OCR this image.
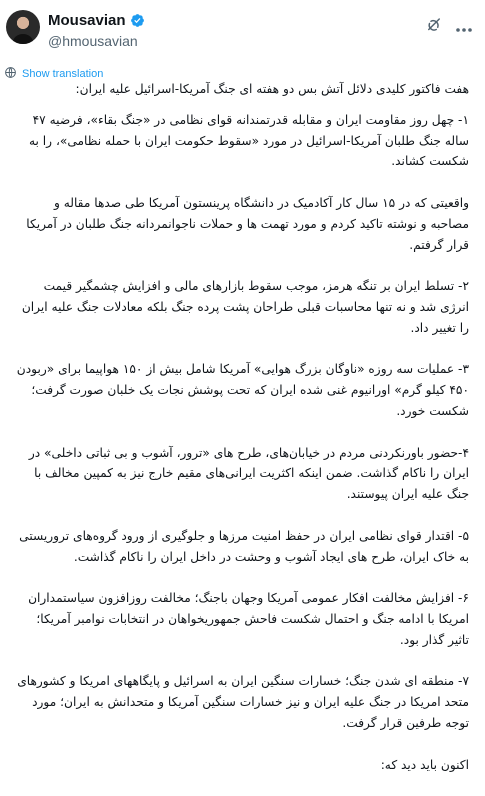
Mousavian
@hmousavian
Show translation

هفت فاکتور کلیدی دلائل آتش بس دو هفته ای جنگ آمریکا-اسرائیل علیه ایران:

۱- چهل روز مقاومت ایران و مقابله قدرتمندانه قوای نظامی در «جنگ بقاء»، فرضیه ۴۷ ساله جنگ طلبان آمریکا-اسرائیل در مورد «سقوط حکومت ایران با حمله نظامی»، را به شکست کشاند.

واقعیتی که در ۱۵ سال کار آکادمیک در دانشگاه پرینستون آمریکا طی صدها مقاله و مصاحبه و نوشته تاکید کردم و مورد تهمت ها و حملات ناجوانمردانه جنگ طلبان در آمریکا قرار گرفتم.

۲- تسلط ایران بر تنگه هرمز، موجب سقوط بازارهای مالی و افزایش چشمگیر قیمت انرژی شد و نه تنها محاسبات قبلی طراحان پشت پرده جنگ بلکه معادلات جنگ علیه ایران را تغییر داد.

۳- عملیات سه روزه «ناوگان بزرگ هوایی» آمریکا شامل بیش از ۱۵۰ هواپیما برای «ربودن ۴۵۰ کیلو گرم» اورانیوم غنی شده ایران که تحت پوشش نجات یک خلبان صورت گرفت؛ شکست خورد.

۴-حضور باورنکردنی مردم در خیابان‌های، طرح های «ترور، آشوب و بی ثباتی داخلی» در ایران را ناکام گذاشت. ضمن اینکه اکثریت ایرانی‌های مقیم خارج نیز به کمپین مخالف با جنگ علیه ایران پیوستند.

۵- اقتدار قوای نظامی ایران در حفظ امنیت مرزها و جلوگیری از ورود گروه‌های تروریستی به خاک ایران، طرح های ایجاد آشوب و وحشت در داخل ایران را ناکام گذاشت.

۶- افزایش مخالفت افکار عمومی آمریکا وجهان باجنگ؛ مخالفت روزافزون سیاستمداران امریکا با ادامه جنگ و احتمال شکست فاحش جمهوریخواهان در انتخابات نوامبر آمریکا؛ تاثیر گذار بود.

۷- منطقه ای شدن جنگ؛ خسارات سنگین ایران به اسرائیل و پایگاههای امریکا و کشورهای متحد امریکا در جنگ علیه ایران و نیز خسارات سنگین آمریکا و متحدانش به ایران؛ مورد توجه طرفین قرار گرفت.

اکنون باید دید که:
